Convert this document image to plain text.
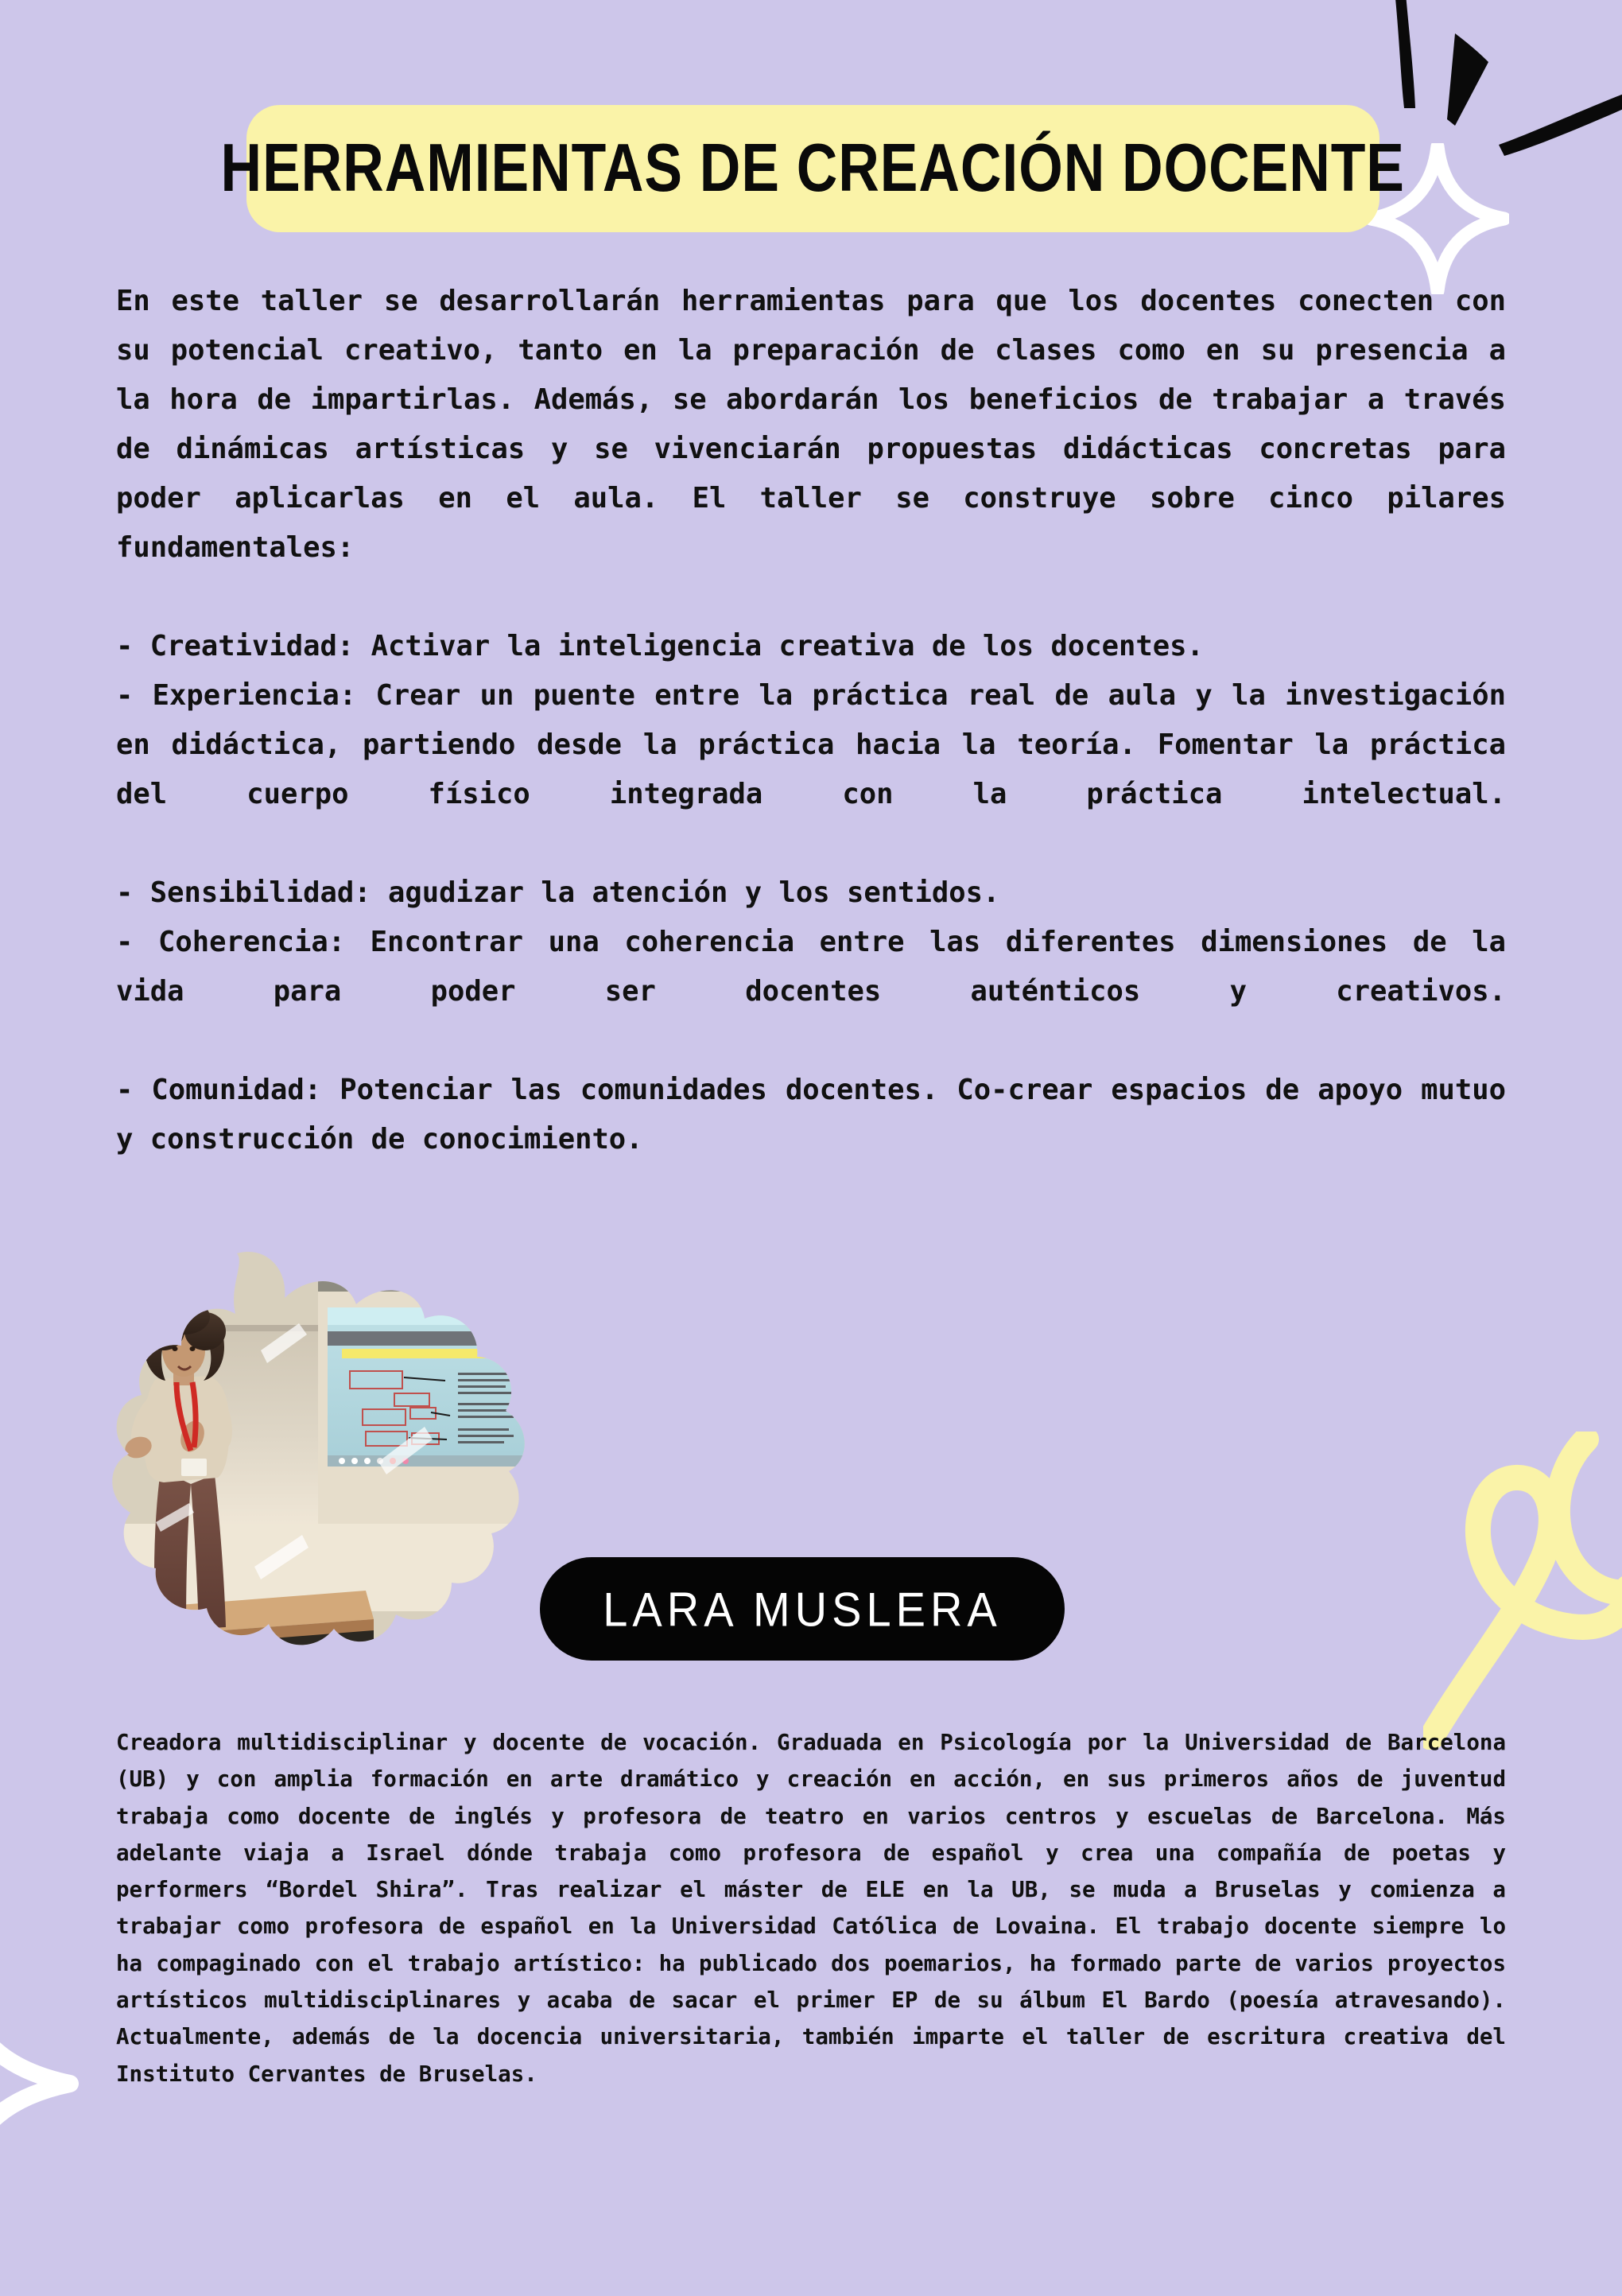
HERRAMIENTAS DE CREACIÓN DOCENTE

En este taller se desarrollarán herramientas para que los docentes conecten con su potencial creativo, tanto en la preparación de clases como en su presencia a la hora de impartirlas. Además, se abordarán los beneficios de trabajar a través de dinámicas artísticas y se vivenciarán propuestas didácticas concretas para poder aplicarlas en el aula. El taller se construye sobre cinco pilares fundamentales:

- Creatividad: Activar la inteligencia creativa de los docentes.

- Experiencia: Crear un puente entre la práctica real de aula y la investigación en didáctica, partiendo desde la práctica hacia la teoría. Fomentar la práctica del cuerpo físico integrada con la práctica intelectual.

- Sensibilidad: agudizar la atención y los sentidos.

- Coherencia: Encontrar una coherencia entre las diferentes dimensiones de la vida para poder ser docentes auténticos y creativos.

- Comunidad: Potenciar las comunidades docentes. Co-crear espacios de apoyo mutuo y construcción de conocimiento.

LARA MUSLERA

Creadora multidisciplinar y docente de vocación. Graduada en Psicología por la Universidad de Barcelona (UB) y con amplia formación en arte dramático y creación en acción, en sus primeros años de juventud trabaja como docente de inglés y profesora de teatro en varios centros y escuelas de Barcelona. Más adelante viaja a Israel dónde trabaja como profesora de español y crea una compañía de poetas y performers “Bordel Shira”. Tras realizar el máster de ELE en la UB, se muda a Bruselas y comienza a trabajar como profesora de español en la Universidad Católica de Lovaina. El trabajo docente siempre lo ha compaginado con el trabajo artístico: ha publicado dos poemarios, ha formado parte de varios proyectos artísticos multidisciplinares y acaba de sacar el primer EP de su álbum El Bardo (poesía atravesando). Actualmente, además de la docencia universitaria, también imparte el taller de escritura creativa del Instituto Cervantes de Bruselas.
